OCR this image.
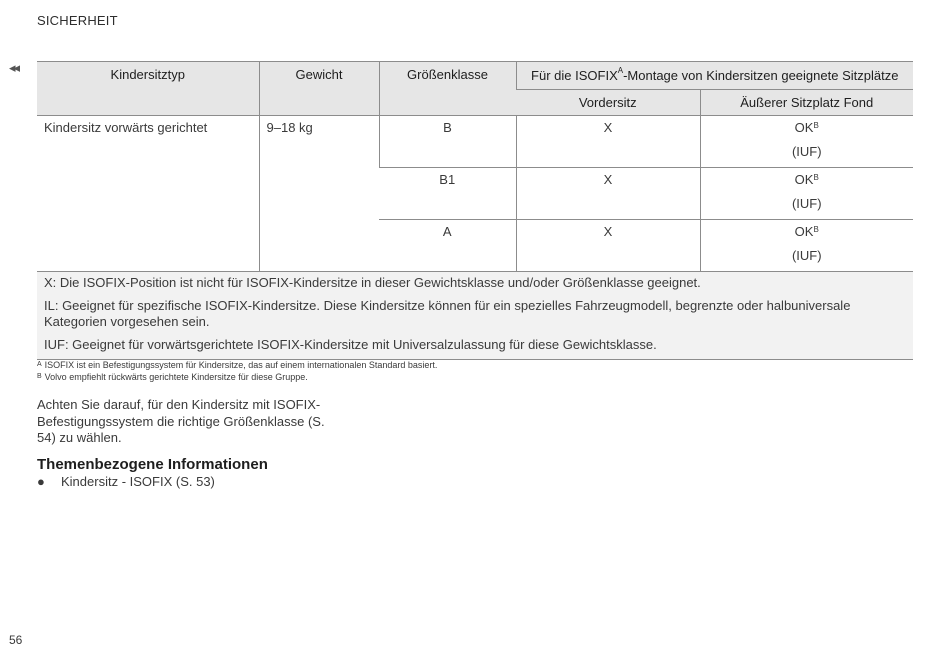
SICHERHEIT
◂◂	Kindersitztyp	Gewicht	Größenklasse	Für die $ISOFIX^A$-Montage von Kindersitzen geeignete Sitzplätze	

			Vordersitz	Äußerer Sitzplatz Fond

Kindersitz vorwärts gerichtet	9–18 kg	B	X	$OK^B$
(IUF)

		B1	X	$OK^B$
(IUF)

		A	X	$OK^B$
(IUF)

X: Die ISOFIX-Position ist nicht für ISOFIX-Kindersitze in dieser Gewichtsklasse und/oder Größenklasse geeignet.

IL: Geeignet für spezifische ISOFIX-Kindersitze. Diese Kindersitze können für ein spezielles Fahrzeugmodell, begrenzte oder halbuniversale Kategorien vorgesehen sein.

IUF: Geeignet für vorwärtsgerichtete ISOFIX-Kindersitze mit Universalzulassung für diese Gewichtsklasse.				

$^A$ ISOFIX ist ein Befestigungssystem für Kindersitze, das auf einem internationalen Standard basiert.
$^B$ Volvo empfiehlt rückwärts gerichtete Kindersitze für diese Gruppe.
Achten Sie darauf, für den Kindersitz mit ISOFIX-Befestigungssystem die richtige Größenklasse (S. 54) zu wählen.
Themenbezogene Informationen
● Kindersitz - ISOFIX (S. 53)
56
